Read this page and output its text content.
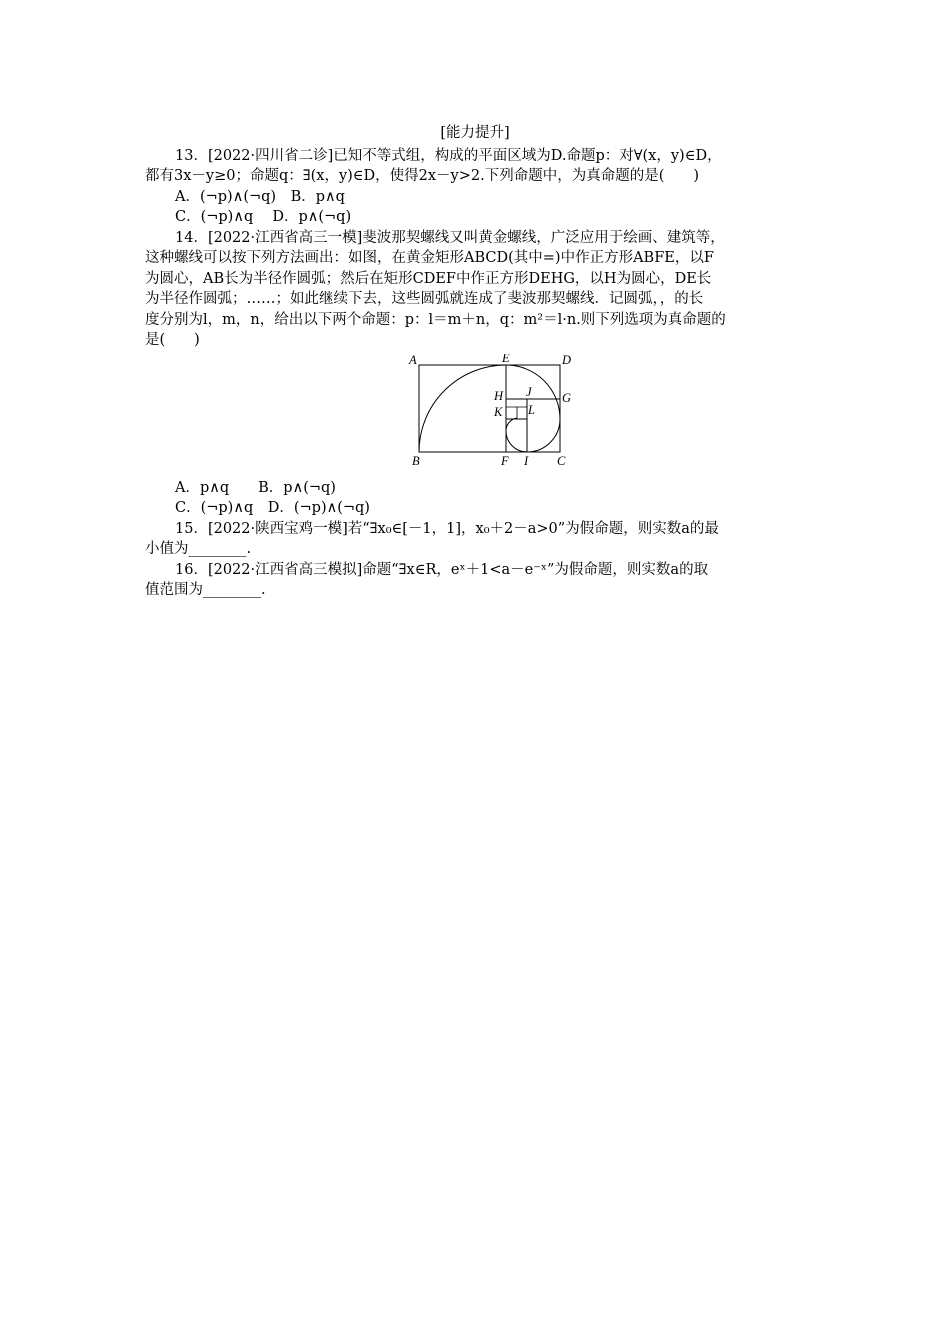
[能力提升]

13．[2022·四川省二诊]已知不等式组，构成的平面区域为D.命题p：对∀(x，y)∈D，

都有3x－y≥0；命题q：∃(x，y)∈D，使得2x－y>2.下列命题中，为真命题的是(　　)

A．(¬p)∧(¬q)　B．p∧q

C．(¬p)∧q　 D．p∧(¬q)

14．[2022·江西省高三一模]斐波那契螺线又叫黄金螺线，广泛应用于绘画、建筑等，

这种螺线可以按下列方法画出：如图，在黄金矩形ABCD(其中=)中作正方形ABFE，以F

为圆心，AB长为半径作圆弧；然后在矩形CDEF中作正方形DEHG，以H为圆心，DE长

为半径作圆弧；……；如此继续下去，这些圆弧就连成了斐波那契螺线．记圆弧，，的长

度分别为l，m，n，给出以下两个命题：p：l＝m＋n，q：m²＝l·n.则下列选项为真命题的

是(　　)

A	E	D
H J G
K L
B	F I C

A．p∧q　　B．p∧(¬q)

C．(¬p)∧q　D．(¬p)∧(¬q)

15．[2022·陕西宝鸡一模]若“∃x₀∈[－1，1]，x₀＋2－a>0”为假命题，则实数a的最

小值为________.

16．[2022·江西省高三模拟]命题“∃x∈R，eˣ＋1<a－e⁻ˣ”为假命题，则实数a的取

值范围为________.
